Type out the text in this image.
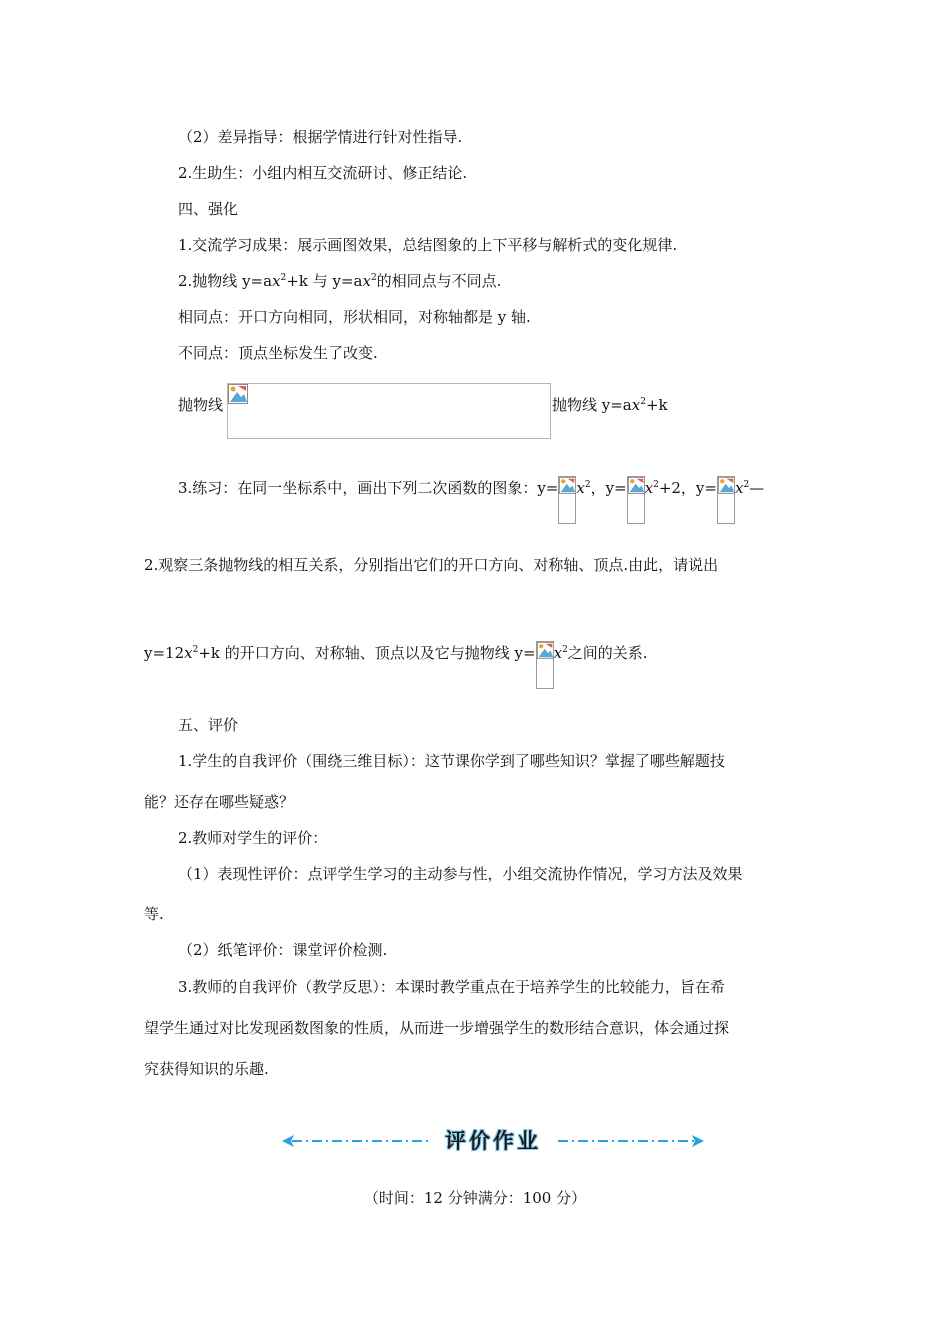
（2）差异指导：根据学情进行针对性指导.
2.生助生：小组内相互交流研讨、修正结论.
四、强化
1.交流学习成果：展示画图效果，总结图象的上下平移与解析式的变化规律.
2.抛物线 $y=ax^2+k$ 与 $y=ax^2$的相同点与不同点.
相同点：开口方向相同，形状相同，对称轴都是 y 轴.
不同点：顶点坐标发生了改变.
抛物线	抛物线 $y=ax^2+k$
3.练习：在同一坐标系中，画出下列二次函数的图象：$y= x^2$，$y= x^2+2$，$y= x^2—$
2.观察三条抛物线的相互关系，分别指出它们的开口方向、对称轴、顶点.由此，请说出
$y=12x^2+k$ 的开口方向、对称轴、顶点以及它与抛物线 $y= x^2$之间的关系.
五、评价
1.学生的自我评价（围绕三维目标）：这节课你学到了哪些知识？掌握了哪些解题技
能？还存在哪些疑惑？
2.教师对学生的评价：
（1）表现性评价：点评学生学习的主动参与性，小组交流协作情况，学习方法及效果
等.
（2）纸笔评价：课堂评价检测.
3.教师的自我评价（教学反思）：本课时教学重点在于培养学生的比较能力，旨在希
望学生通过对比发现函数图象的性质，从而进一步增强学生的数形结合意识，体会通过探
究获得知识的乐趣.
评价作业
（时间：12 分钟满分：100 分）
